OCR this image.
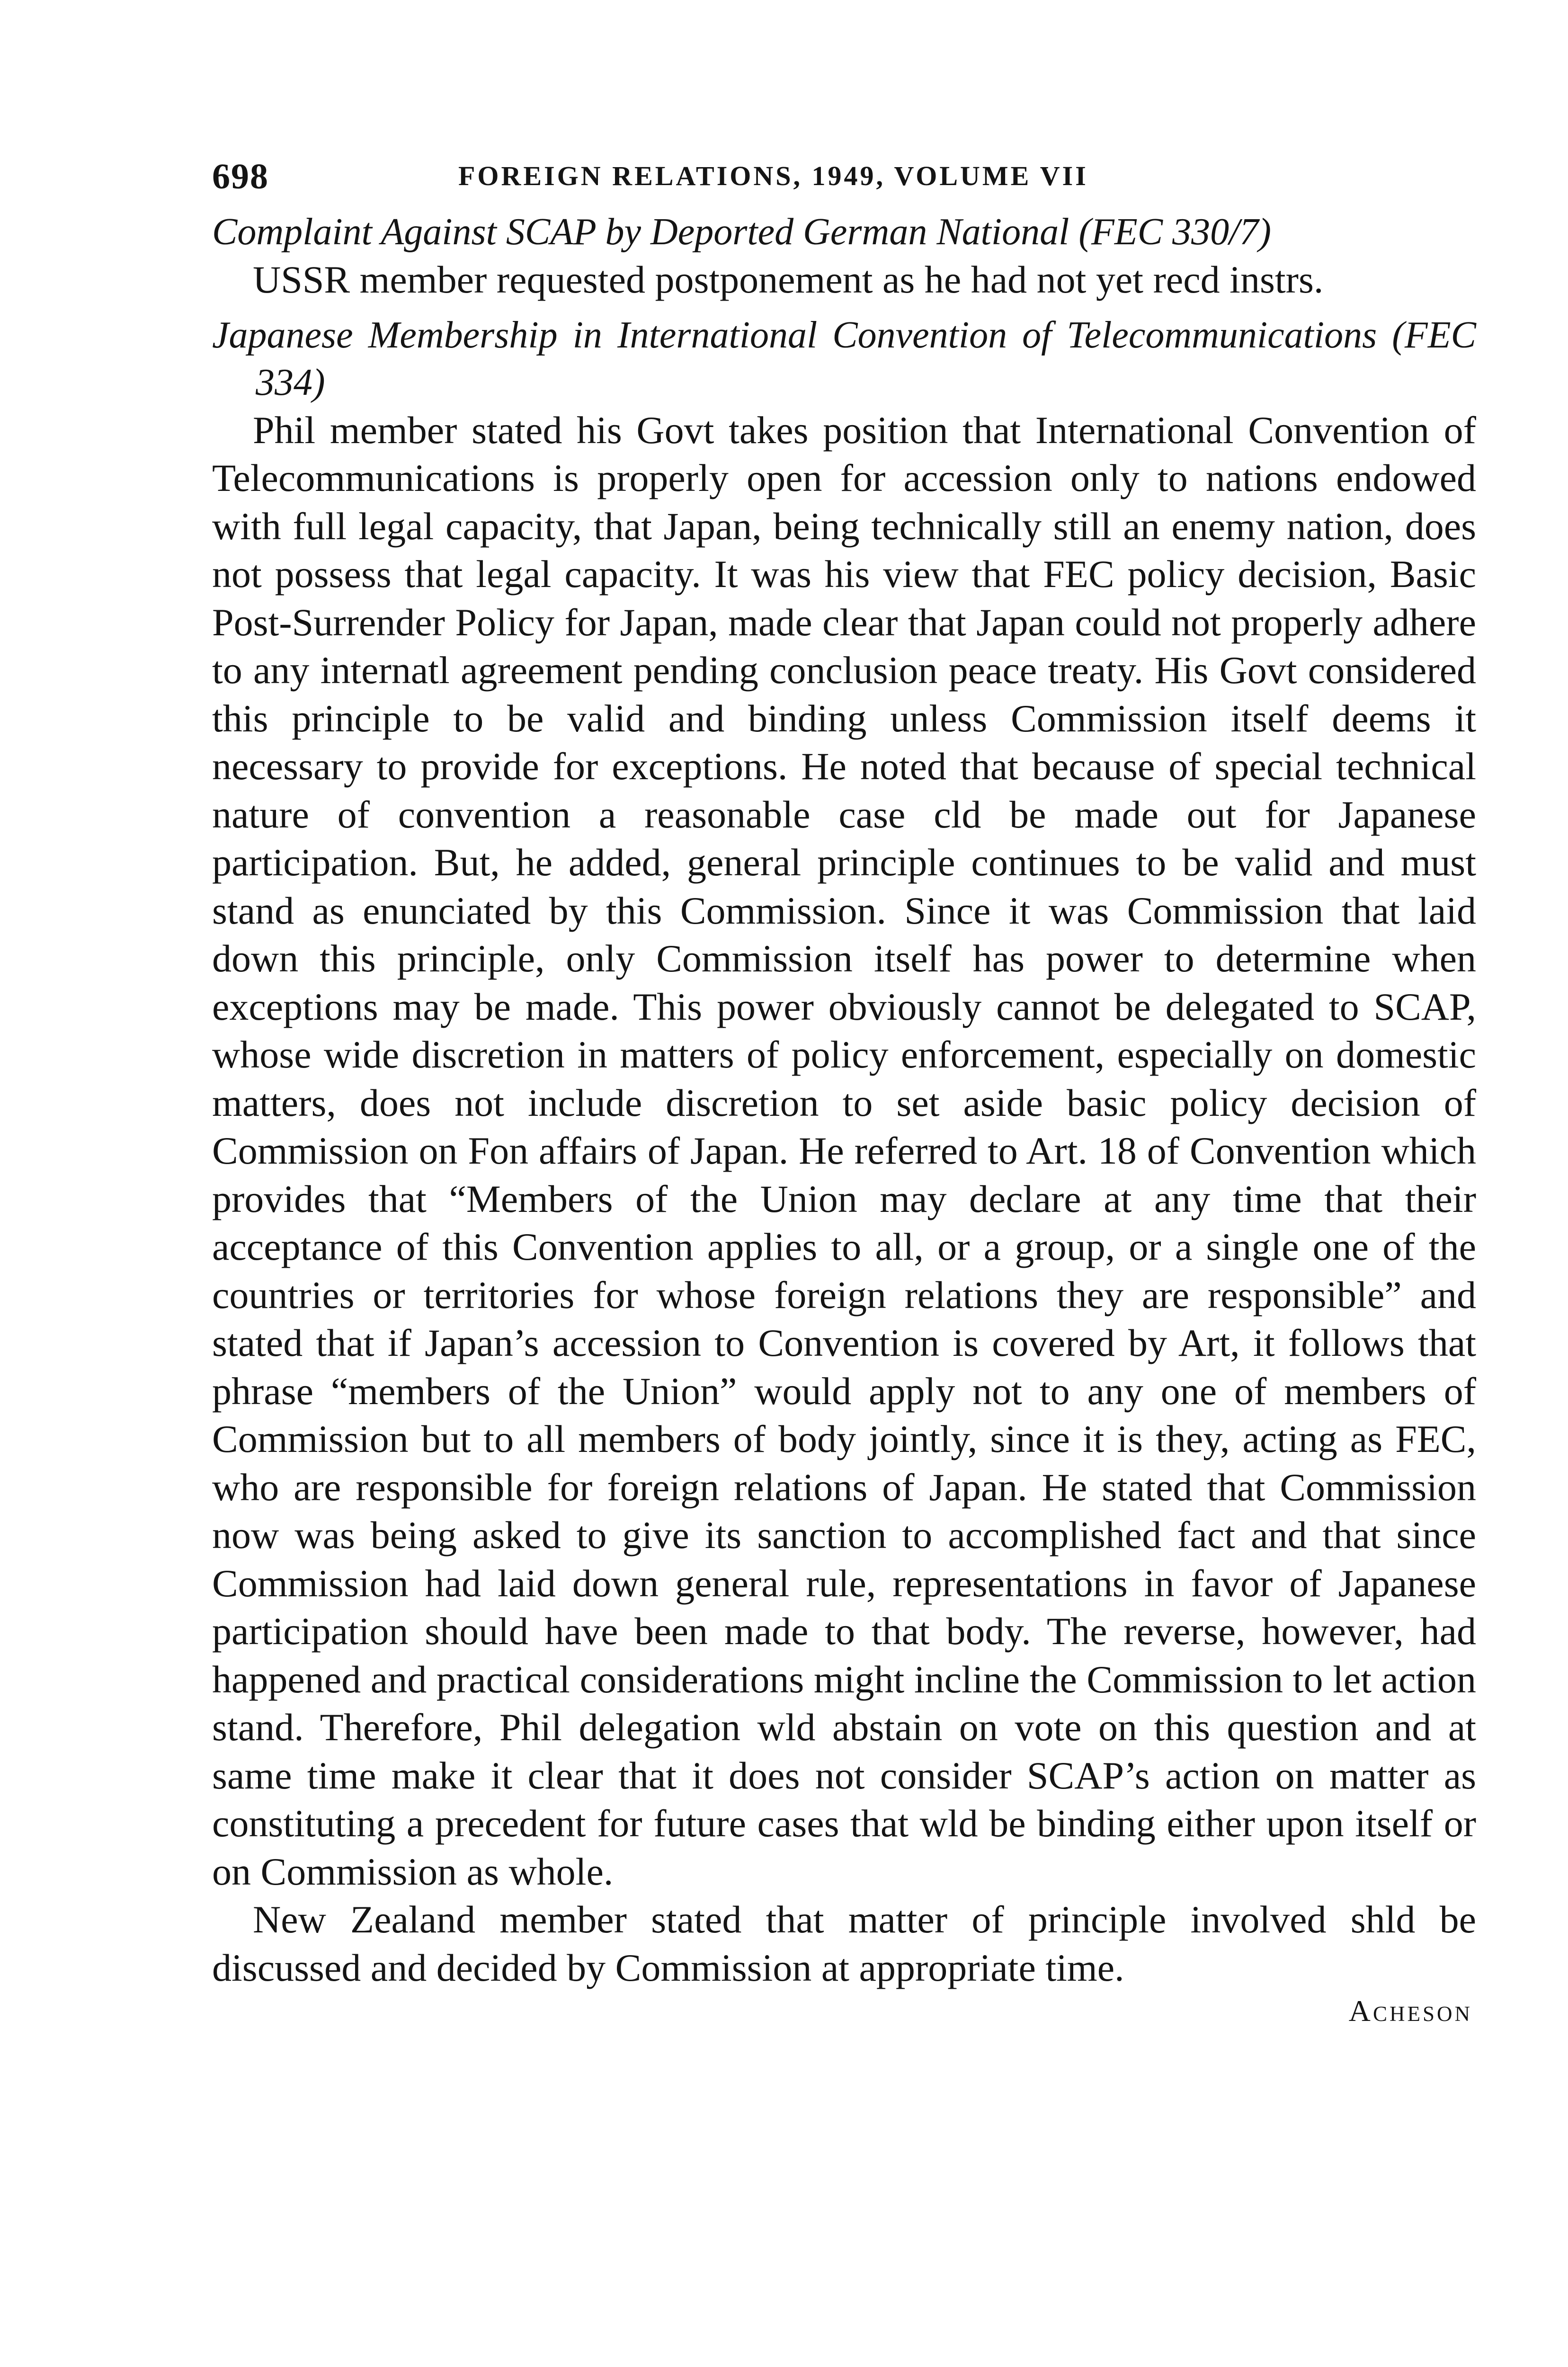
698	FOREIGN RELATIONS, 1949, VOLUME VII

Complaint Against SCAP by Deported German National (FEC 330/7)

USSR member requested postponement as he had not yet recd instrs.

Japanese Membership in International Convention of Telecommunications (FEC 334)

Phil member stated his Govt takes position that International Convention of Telecommunications is properly open for accession only to nations endowed with full legal capacity, that Japan, being technically still an enemy nation, does not possess that legal capacity. It was his view that FEC policy decision, Basic Post-Surrender Policy for Japan, made clear that Japan could not properly adhere to any internatl agreement pending conclusion peace treaty. His Govt considered this principle to be valid and binding unless Commission itself deems it necessary to provide for exceptions. He noted that because of special technical nature of convention a reasonable case cld be made out for Japanese participation. But, he added, general principle continues to be valid and must stand as enunciated by this Commission. Since it was Commission that laid down this principle, only Commission itself has power to determine when exceptions may be made. This power obviously cannot be delegated to SCAP, whose wide discretion in matters of policy enforcement, especially on domestic matters, does not include discretion to set aside basic policy decision of Commission on Fon affairs of Japan. He referred to Art. 18 of Convention which provides that “Members of the Union may declare at any time that their acceptance of this Convention applies to all, or a group, or a single one of the countries or territories for whose foreign relations they are responsible” and stated that if Japan’s accession to Convention is covered by Art, it follows that phrase “members of the Union” would apply not to any one of members of Commission but to all members of body jointly, since it is they, acting as FEC, who are responsible for foreign relations of Japan. He stated that Commission now was being asked to give its sanction to accomplished fact and that since Commission had laid down general rule, representations in favor of Japanese participation should have been made to that body. The reverse, however, had happened and practical considerations might incline the Commission to let action stand. Therefore, Phil delegation wld abstain on vote on this question and at same time make it clear that it does not consider SCAP’s action on matter as constituting a precedent for future cases that wld be binding either upon itself or on Commission as whole.

New Zealand member stated that matter of principle involved shld be discussed and decided by Commission at appropriate time.

Acheson
